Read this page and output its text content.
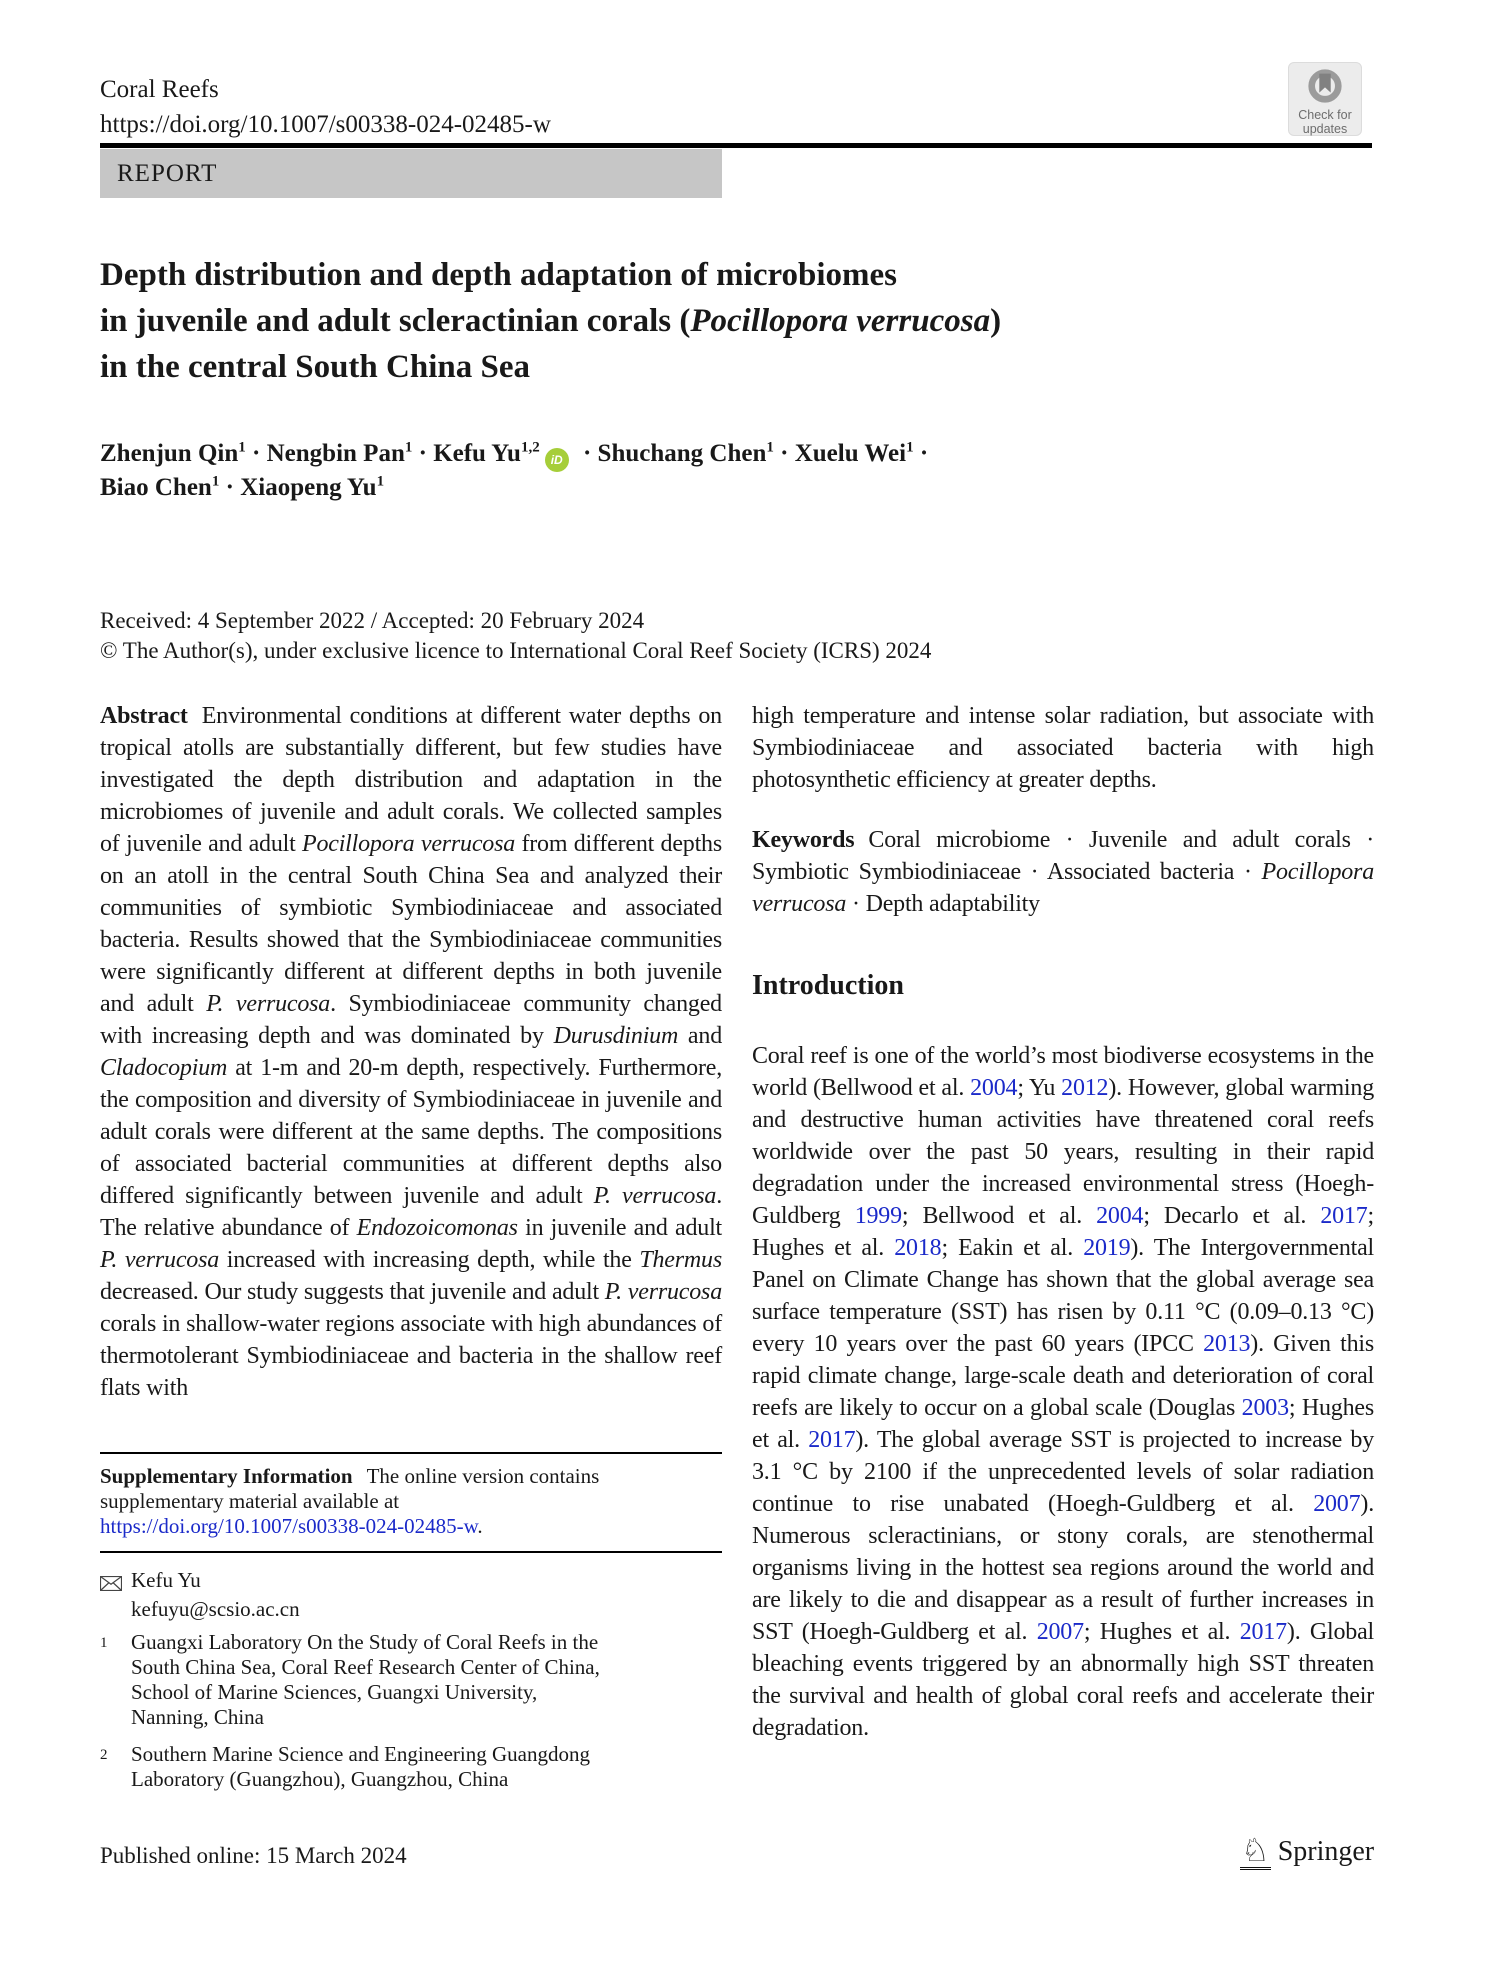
Coral Reefs
https://doi.org/10.1007/s00338-024-02485-w	Check for
updates
REPORT
Depth distribution and depth adaptation of microbiomes
in juvenile and adult scleractinian corals (Pocillopora verrucosa)
in the central South China Sea
Zhenjun Qin$^1$ · Nengbin Pan$^1$ · Kefu Yu$^{1,2}$iD · Shuchang Chen$^1$ · Xuelu Wei$^1$ ·
Biao Chen$^1$ · Xiaopeng Yu$^1$
Received: 4 September 2022 / Accepted: 20 February 2024
© The Author(s), under exclusive licence to International Coral Reef Society (ICRS) 2024
Abstract Environmental conditions at different water depths on tropical atolls are substantially different, but few studies have investigated the depth distribution and adaptation in the microbiomes of juvenile and adult corals. We collected samples of juvenile and adult Pocillopora verrucosa from different depths on an atoll in the central South China Sea and analyzed their communities of symbiotic Symbiodiniaceae and associated bacteria. Results showed that the Symbiodiniaceae communities were significantly different at different depths in both juvenile and adult P. verrucosa. Symbiodiniaceae community changed with increasing depth and was dominated by Durusdinium and Cladocopium at 1-m and 20-m depth, respectively. Furthermore, the composition and diversity of Symbiodiniaceae in juvenile and adult corals were different at the same depths. The compositions of associated bacterial communities at different depths also differed significantly between juvenile and adult P. verrucosa. The relative abundance of Endozoicomonas in juvenile and adult P. verrucosa increased with increasing depth, while the Thermus decreased. Our study suggests that juvenile and adult P. verrucosa corals in shallow-water regions associate with high abundances of thermotolerant Symbiodiniaceae and bacteria in the shallow reef flats with
high temperature and intense solar radiation, but associate with Symbiodiniaceae and associated bacteria with high photosynthetic efficiency at greater depths.
Keywords Coral microbiome · Juvenile and adult corals · Symbiotic Symbiodiniaceae · Associated bacteria · Pocillopora verrucosa · Depth adaptability
Introduction
Coral reef is one of the world’s most biodiverse ecosystems in the world (Bellwood et al. 2004; Yu 2012). However, global warming and destructive human activities have threatened coral reefs worldwide over the past 50 years, resulting in their rapid degradation under the increased environmental stress (Hoegh-Guldberg 1999; Bellwood et al. 2004; Decarlo et al. 2017; Hughes et al. 2018; Eakin et al. 2019). The Intergovernmental Panel on Climate Change has shown that the global average sea surface temperature (SST) has risen by 0.11 °C (0.09–0.13 °C) every 10 years over the past 60 years (IPCC 2013). Given this rapid climate change, large-scale death and deterioration of coral reefs are likely to occur on a global scale (Douglas 2003; Hughes et al. 2017). The global average SST is projected to increase by 3.1 °C by 2100 if the unprecedented levels of solar radiation continue to rise unabated (Hoegh-Guldberg et al. 2007). Numerous scleractinians, or stony corals, are stenothermal organisms living in the hottest sea regions around the world and are likely to die and disappear as a result of further increases in SST (Hoegh-Guldberg et al. 2007; Hughes et al. 2017). Global bleaching events triggered by an abnormally high SST threaten the survival and health of global coral reefs and accelerate their degradation.
Supplementary Information The online version contains supplementary material available at https://doi.org/10.1007/s00338-024-02485-w.
Kefu Yu
kefuyu@scsio.ac.cn
1	Guangxi Laboratory On the Study of Coral Reefs in the South China Sea, Coral Reef Research Center of China, School of Marine Sciences, Guangxi University, Nanning, China
2	Southern Marine Science and Engineering Guangdong Laboratory (Guangzhou), Guangzhou, China
Published online: 15 March 2024	♘ Springer
